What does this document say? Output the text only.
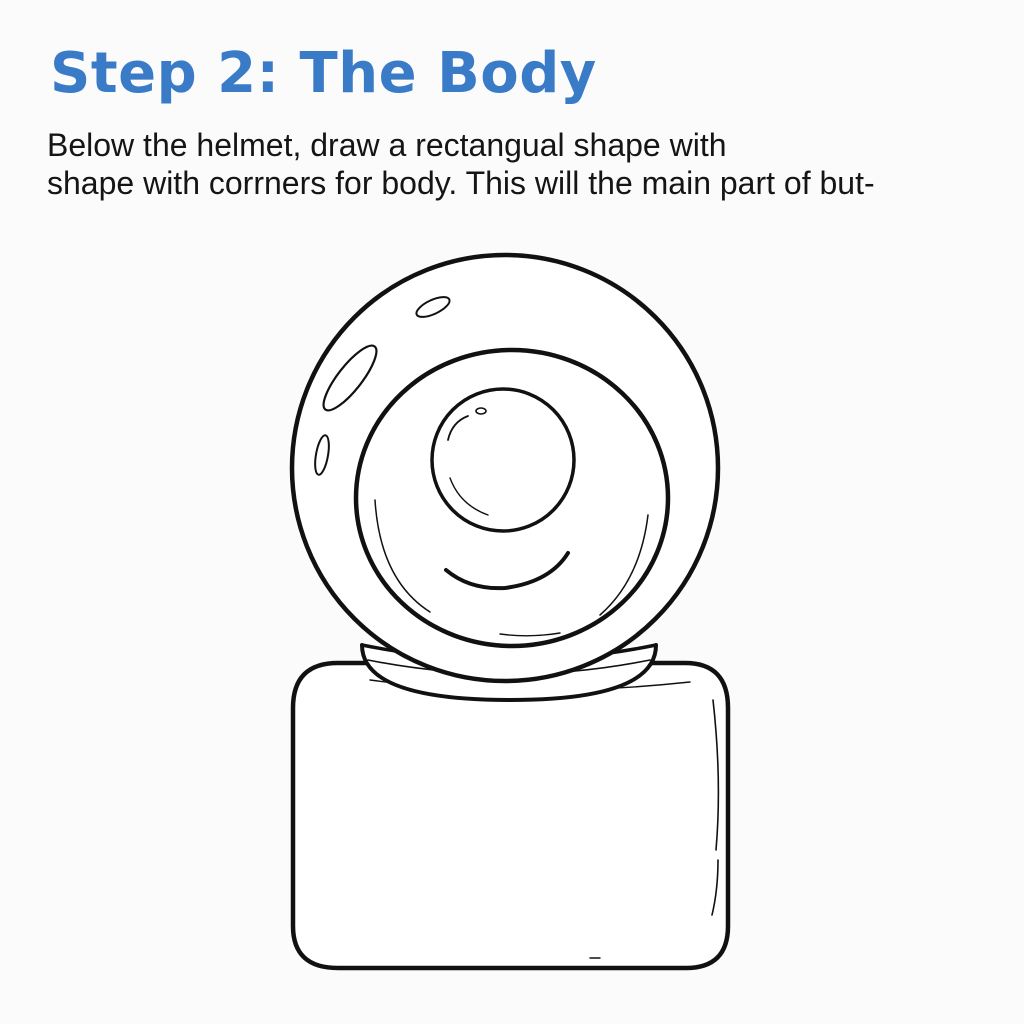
Step 2: The Body
Below the helmet, draw a rectangual shape with
shape with corrners for body. This will the main part of but-
